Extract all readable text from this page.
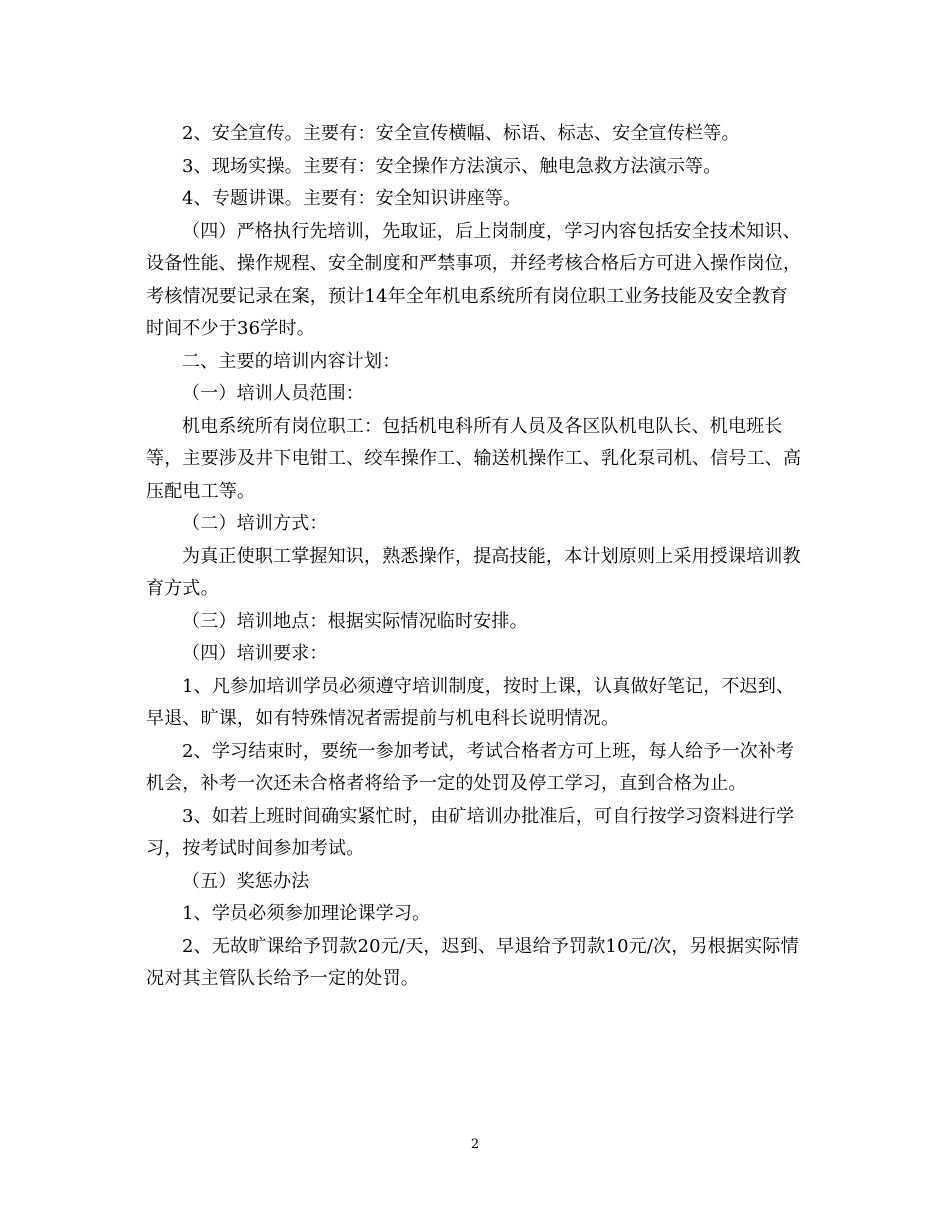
2、安全宣传。主要有：安全宣传横幅、标语、标志、安全宣传栏等。

3、现场实操。主要有：安全操作方法演示、触电急救方法演示等。

4、专题讲课。主要有：安全知识讲座等。

（四）严格执行先培训，先取证，后上岗制度，学习内容包括安全技术知识、设备性能、操作规程、安全制度和严禁事项，并经考核合格后方可进入操作岗位，考核情况要记录在案，预计14年全年机电系统所有岗位职工业务技能及安全教育时间不少于36学时。

二、主要的培训内容计划：

（一）培训人员范围：

机电系统所有岗位职工：包括机电科所有人员及各区队机电队长、机电班长等，主要涉及井下电钳工、绞车操作工、输送机操作工、乳化泵司机、信号工、高压配电工等。

（二）培训方式：

为真正使职工掌握知识，熟悉操作，提高技能，本计划原则上采用授课培训教育方式。

（三）培训地点：根据实际情况临时安排。

（四）培训要求：

1、凡参加培训学员必须遵守培训制度，按时上课，认真做好笔记，不迟到、早退、旷课，如有特殊情况者需提前与机电科长说明情况。

2、学习结束时，要统一参加考试，考试合格者方可上班，每人给予一次补考机会，补考一次还未合格者将给予一定的处罚及停工学习，直到合格为止。

3、如若上班时间确实紧忙时，由矿培训办批准后，可自行按学习资料进行学习，按考试时间参加考试。

（五）奖惩办法

1、学员必须参加理论课学习。

2、无故旷课给予罚款20元/天，迟到、早退给予罚款10元/次，另根据实际情况对其主管队长给予一定的处罚。

2
